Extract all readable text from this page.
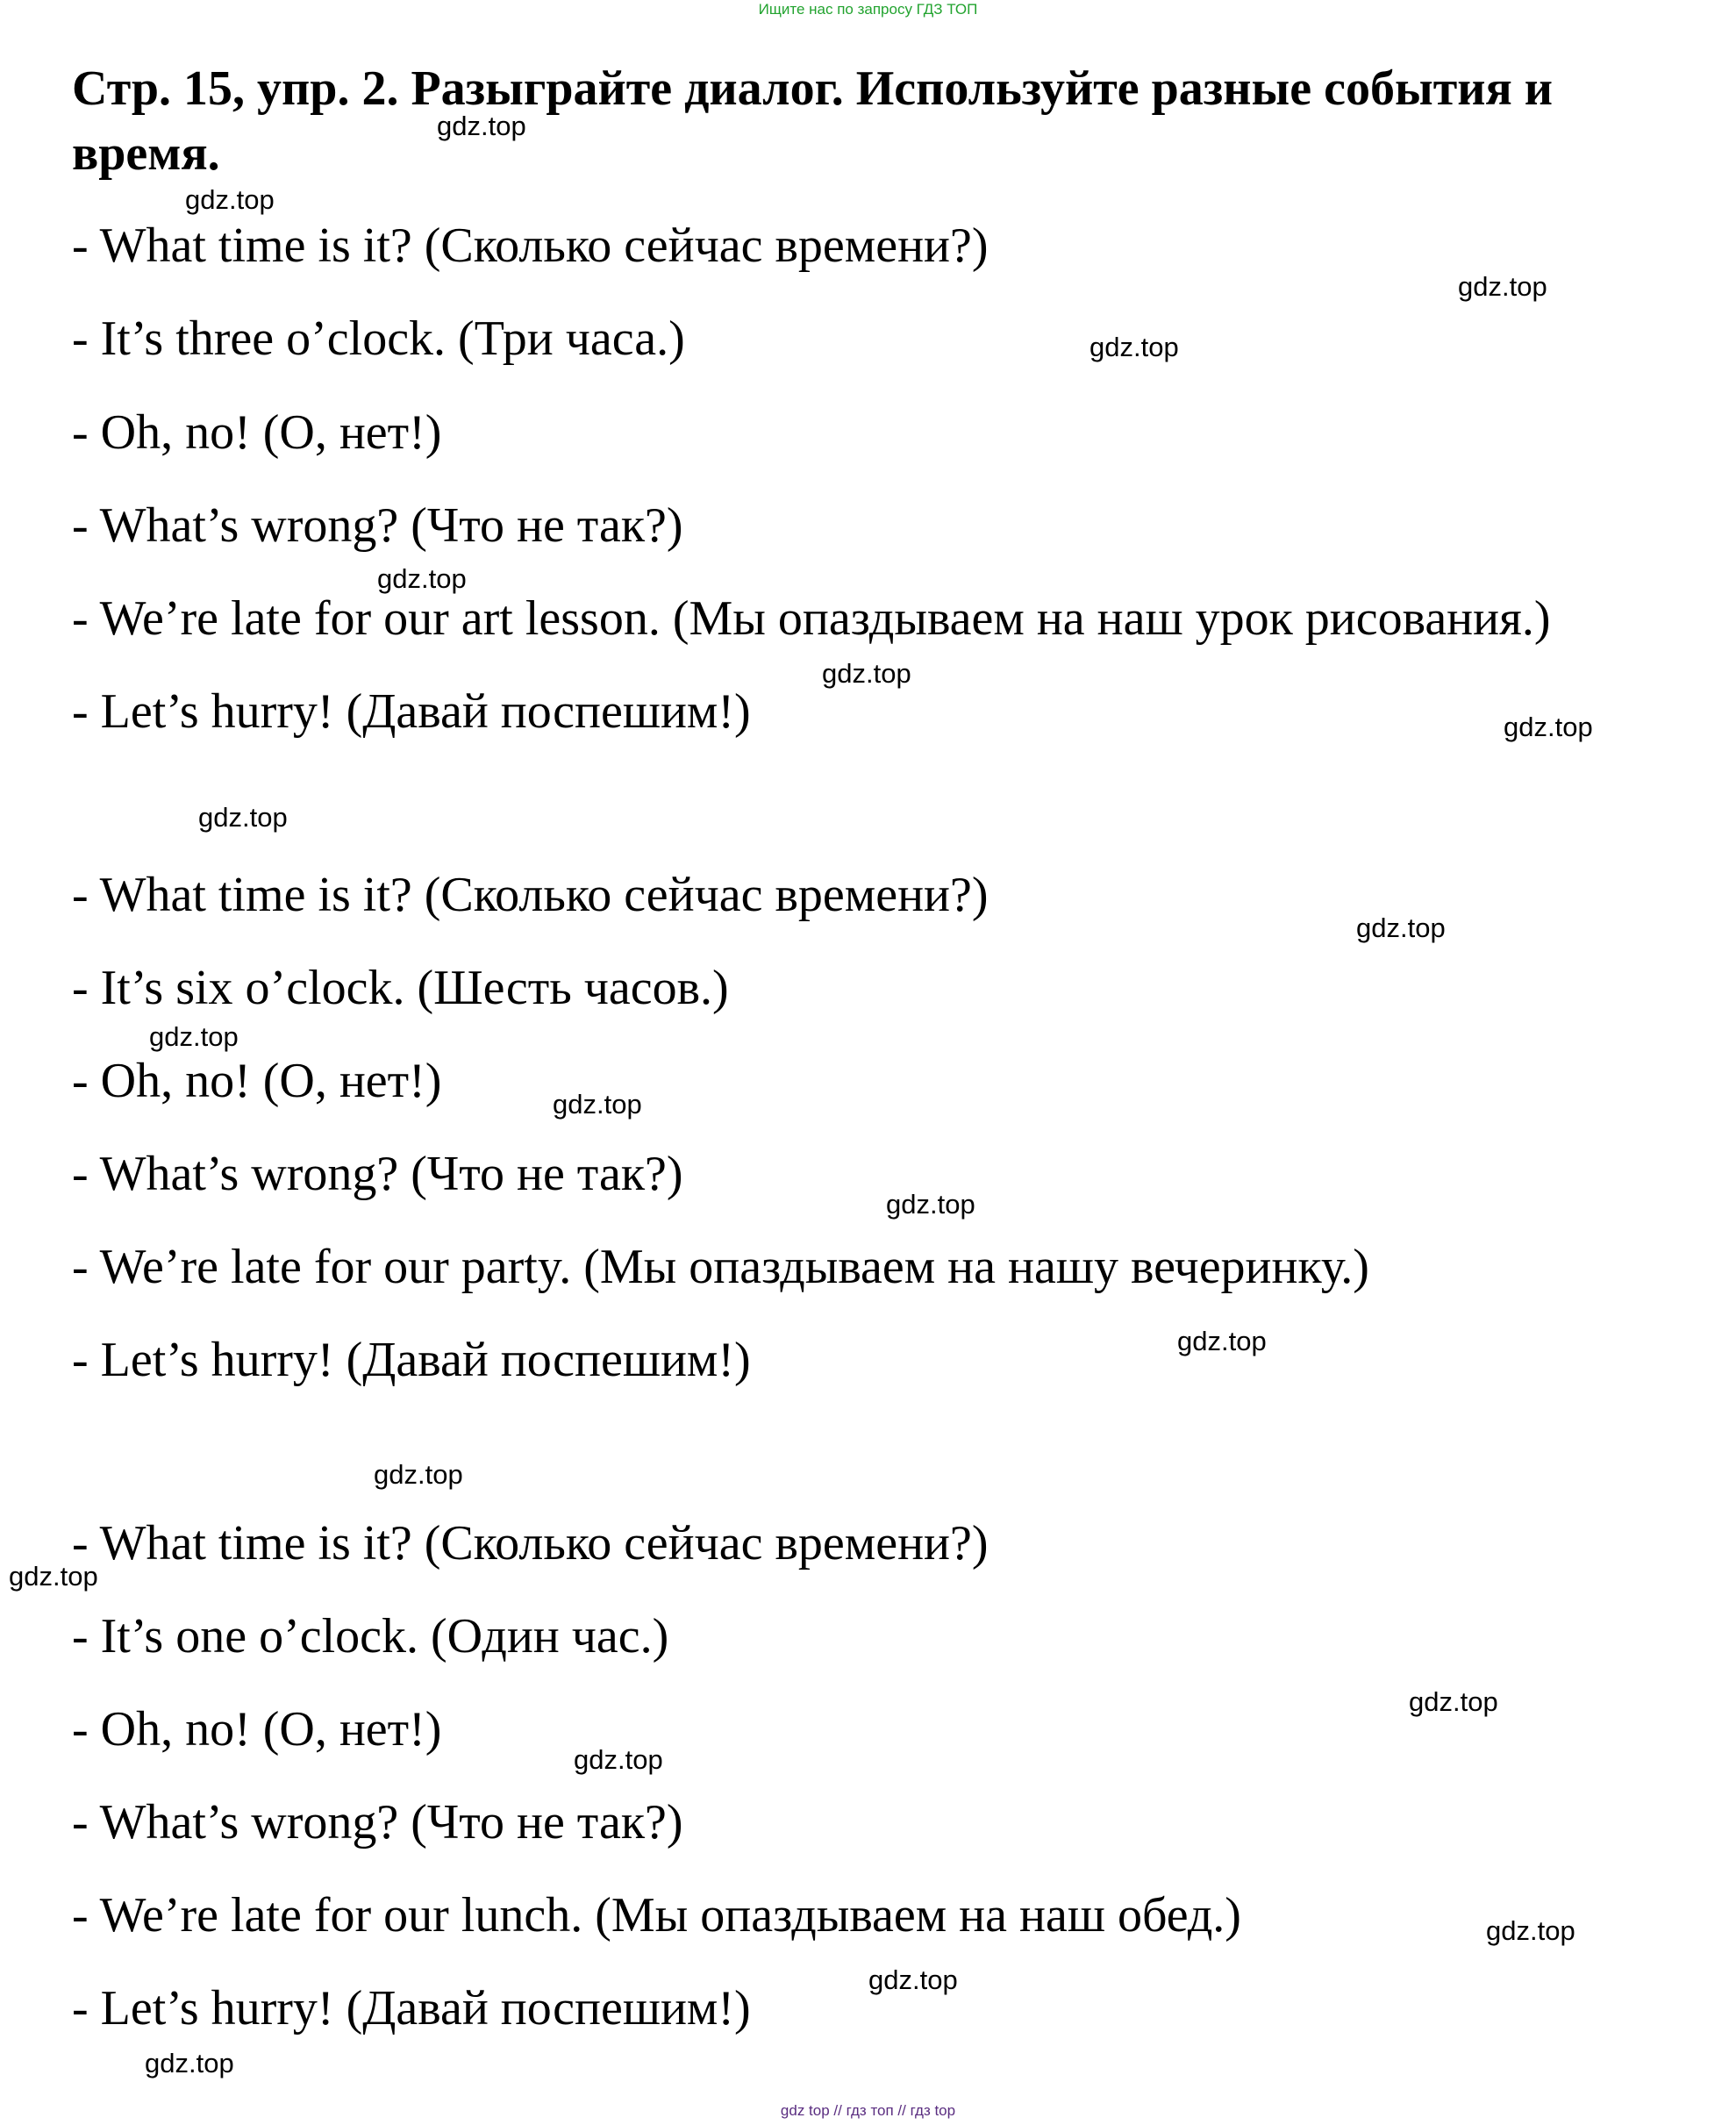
Ищите нас по запросу ГДЗ ТОП
Стр. 15, упр. 2. Разыграйте диалог. Используйте разные события и время.
- What time is it? (Сколько сейчас времени?)
- It’s three o’clock. (Три часа.)
- Oh, no! (О, нет!)
- What’s wrong? (Что не так?)
- We’re late for our art lesson. (Мы опаздываем на наш урок рисования.)
- Let’s hurry! (Давай поспешим!)
- What time is it? (Сколько сейчас времени?)
- It’s six o’clock. (Шесть часов.)
- Oh, no! (О, нет!)
- What’s wrong? (Что не так?)
- We’re late for our party. (Мы опаздываем на нашу вечеринку.)
- Let’s hurry! (Давай поспешим!)
- What time is it? (Сколько сейчас времени?)
- It’s one o’clock. (Один час.)
- Oh, no! (О, нет!)
- What’s wrong? (Что не так?)
- We’re late for our lunch. (Мы опаздываем на наш обед.)
- Let’s hurry! (Давай поспешим!)
gdz.top
gdz.top
gdz.top
gdz.top
gdz.top
gdz.top
gdz.top
gdz.top
gdz.top
gdz.top
gdz.top
gdz.top
gdz.top
gdz.top
gdz.top
gdz.top
gdz.top
gdz.top
gdz.top
gdz.top
gdz top // гдз топ // гдз top
